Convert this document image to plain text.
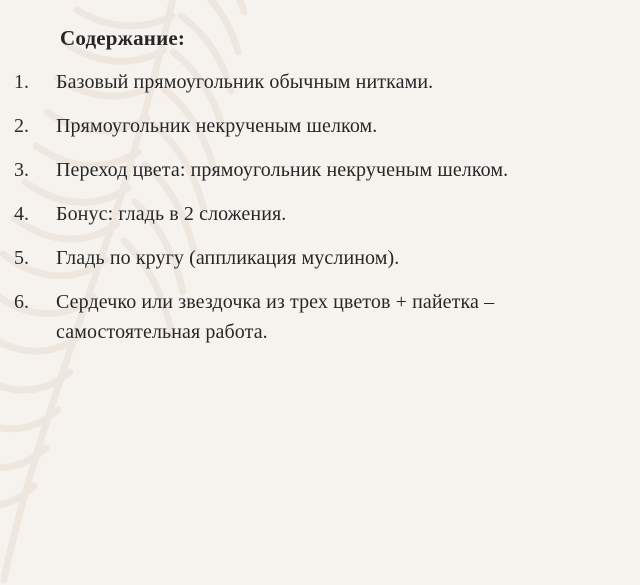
Содержание:
1.	Базовый прямоугольник обычным нитками.
2.	Прямоугольник некрученым шелком.
3.	Переход цвета: прямоугольник некрученым шелком.
4.	Бонус: гладь в 2 сложения.
5.	Гладь по кругу (аппликация муслином).
6.	Сердечко или звездочка из трех цветов + пайетка – самостоятельная работа.
